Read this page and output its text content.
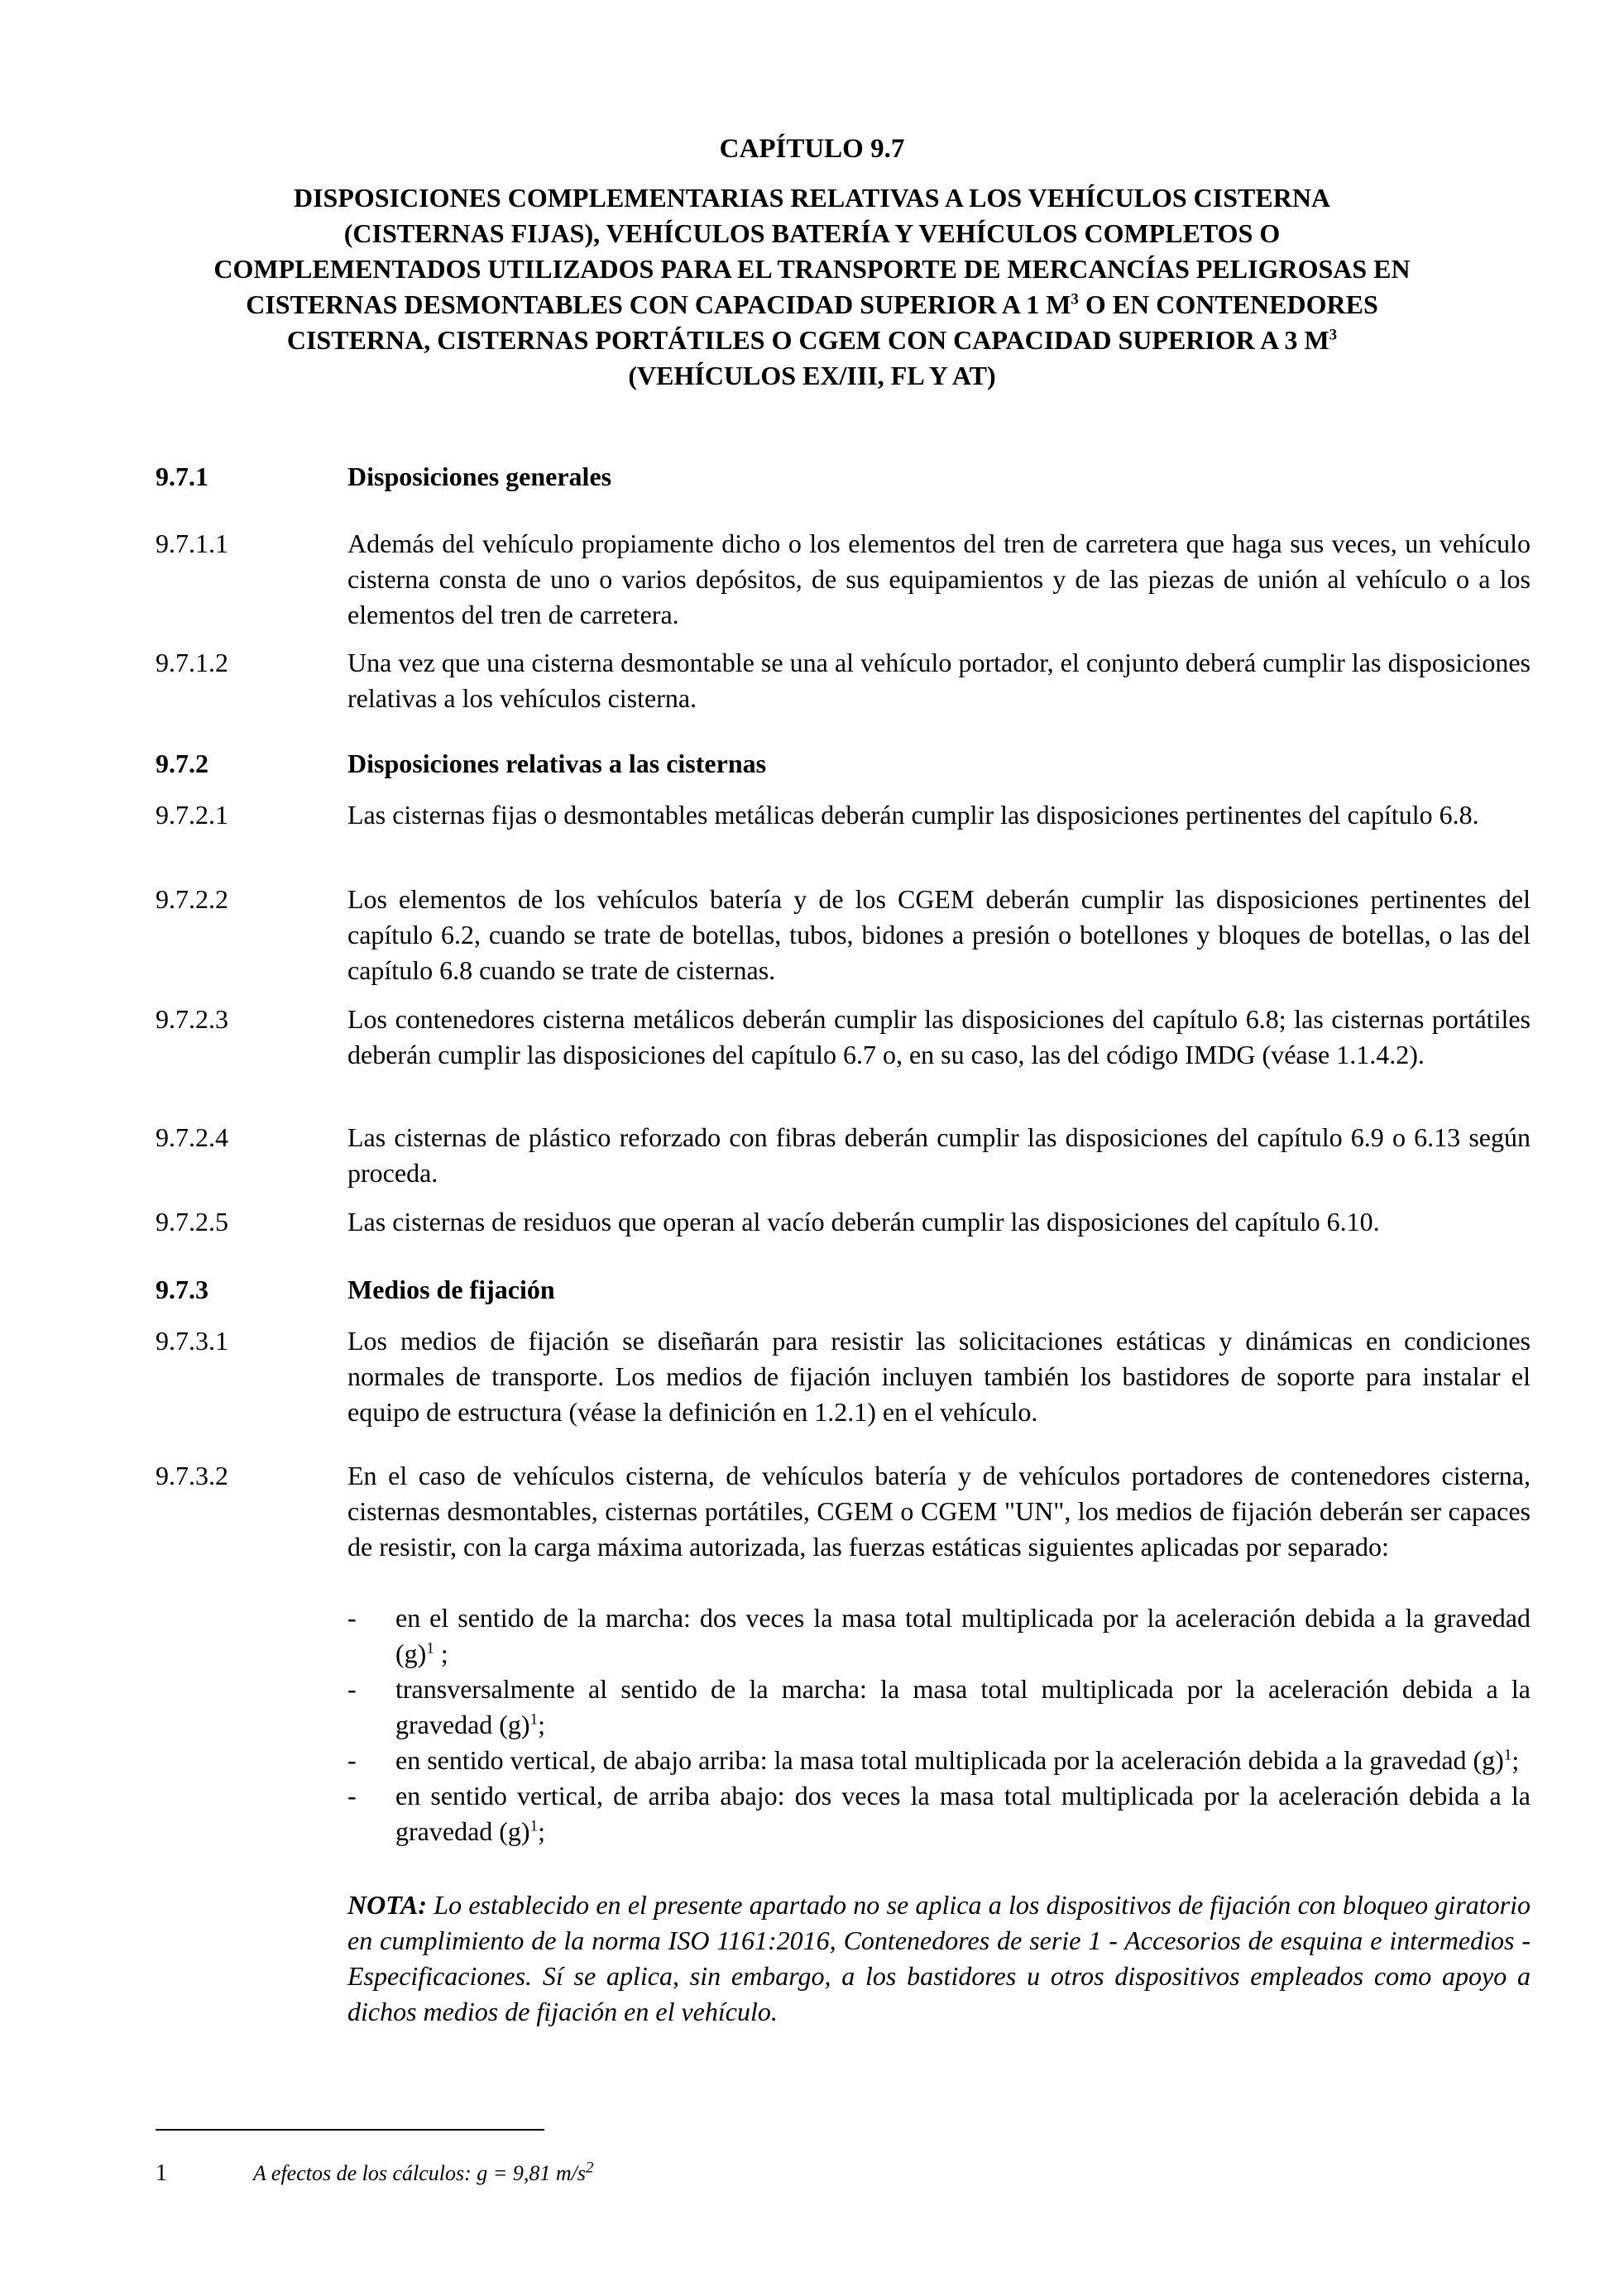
CAPÍTULO 9.7
DISPOSICIONES COMPLEMENTARIAS RELATIVAS A LOS VEHÍCULOS CISTERNA
(CISTERNAS FIJAS), VEHÍCULOS BATERÍA Y VEHÍCULOS COMPLETOS O
COMPLEMENTADOS UTILIZADOS PARA EL TRANSPORTE DE MERCANCÍAS PELIGROSAS EN
CISTERNAS DESMONTABLES CON CAPACIDAD SUPERIOR A 1 $M^3$ O EN CONTENEDORES
CISTERNA, CISTERNAS PORTÁTILES O CGEM CON CAPACIDAD SUPERIOR A 3 $M^3$
(VEHÍCULOS EX/III, FL Y AT)
9.7.1	Disposiciones generales
9.7.1.1	Además del vehículo propiamente dicho o los elementos del tren de carretera que haga sus veces, un vehículo cisterna consta de uno o varios depósitos, de sus equipamientos y de las piezas de unión al vehículo o a los elementos del tren de carretera.
9.7.1.2	Una vez que una cisterna desmontable se una al vehículo portador, el conjunto deberá cumplir las disposiciones relativas a los vehículos cisterna.
9.7.2	Disposiciones relativas a las cisternas
9.7.2.1	Las cisternas fijas o desmontables metálicas deberán cumplir las disposiciones pertinentes del capítulo 6.8.
9.7.2.2	Los elementos de los vehículos batería y de los CGEM deberán cumplir las disposiciones pertinentes del capítulo 6.2, cuando se trate de botellas, tubos, bidones a presión o botellones y bloques de botellas, o las del capítulo 6.8 cuando se trate de cisternas.
9.7.2.3	Los contenedores cisterna metálicos deberán cumplir las disposiciones del capítulo 6.8; las cisternas portátiles deberán cumplir las disposiciones del capítulo 6.7 o, en su caso, las del código IMDG (véase 1.1.4.2).
9.7.2.4	Las cisternas de plástico reforzado con fibras deberán cumplir las disposiciones del capítulo 6.9 o 6.13 según proceda.
9.7.2.5	Las cisternas de residuos que operan al vacío deberán cumplir las disposiciones del capítulo 6.10.
9.7.3	Medios de fijación
9.7.3.1	Los medios de fijación se diseñarán para resistir las solicitaciones estáticas y dinámicas en condiciones normales de transporte. Los medios de fijación incluyen también los bastidores de soporte para instalar el equipo de estructura (véase la definición en 1.2.1) en el vehículo.
9.7.3.2	En el caso de vehículos cisterna, de vehículos batería y de vehículos portadores de contenedores cisterna, cisternas desmontables, cisternas portátiles, CGEM o CGEM "UN", los medios de fijación deberán ser capaces de resistir, con la carga máxima autorizada, las fuerzas estáticas siguientes aplicadas por separado:
- en el sentido de la marcha: dos veces la masa total multiplicada por la aceleración debida a la gravedad $(g)^1$ ;
- transversalmente al sentido de la marcha: la masa total multiplicada por la aceleración debida a la gravedad $(g)^1$;
- en sentido vertical, de abajo arriba: la masa total multiplicada por la aceleración debida a la gravedad $(g)^1$;
- en sentido vertical, de arriba abajo: dos veces la masa total multiplicada por la aceleración debida a la gravedad $(g)^1$;
NOTA: Lo establecido en el presente apartado no se aplica a los dispositivos de fijación con bloqueo giratorio en cumplimiento de la norma ISO 1161:2016, Contenedores de serie 1 - Accesorios de esquina e intermedios - Especificaciones. Sí se aplica, sin embargo, a los bastidores u otros dispositivos empleados como apoyo a dichos medios de fijación en el vehículo.
1	A efectos de los cálculos: g = 9,81 $m/s^2$
